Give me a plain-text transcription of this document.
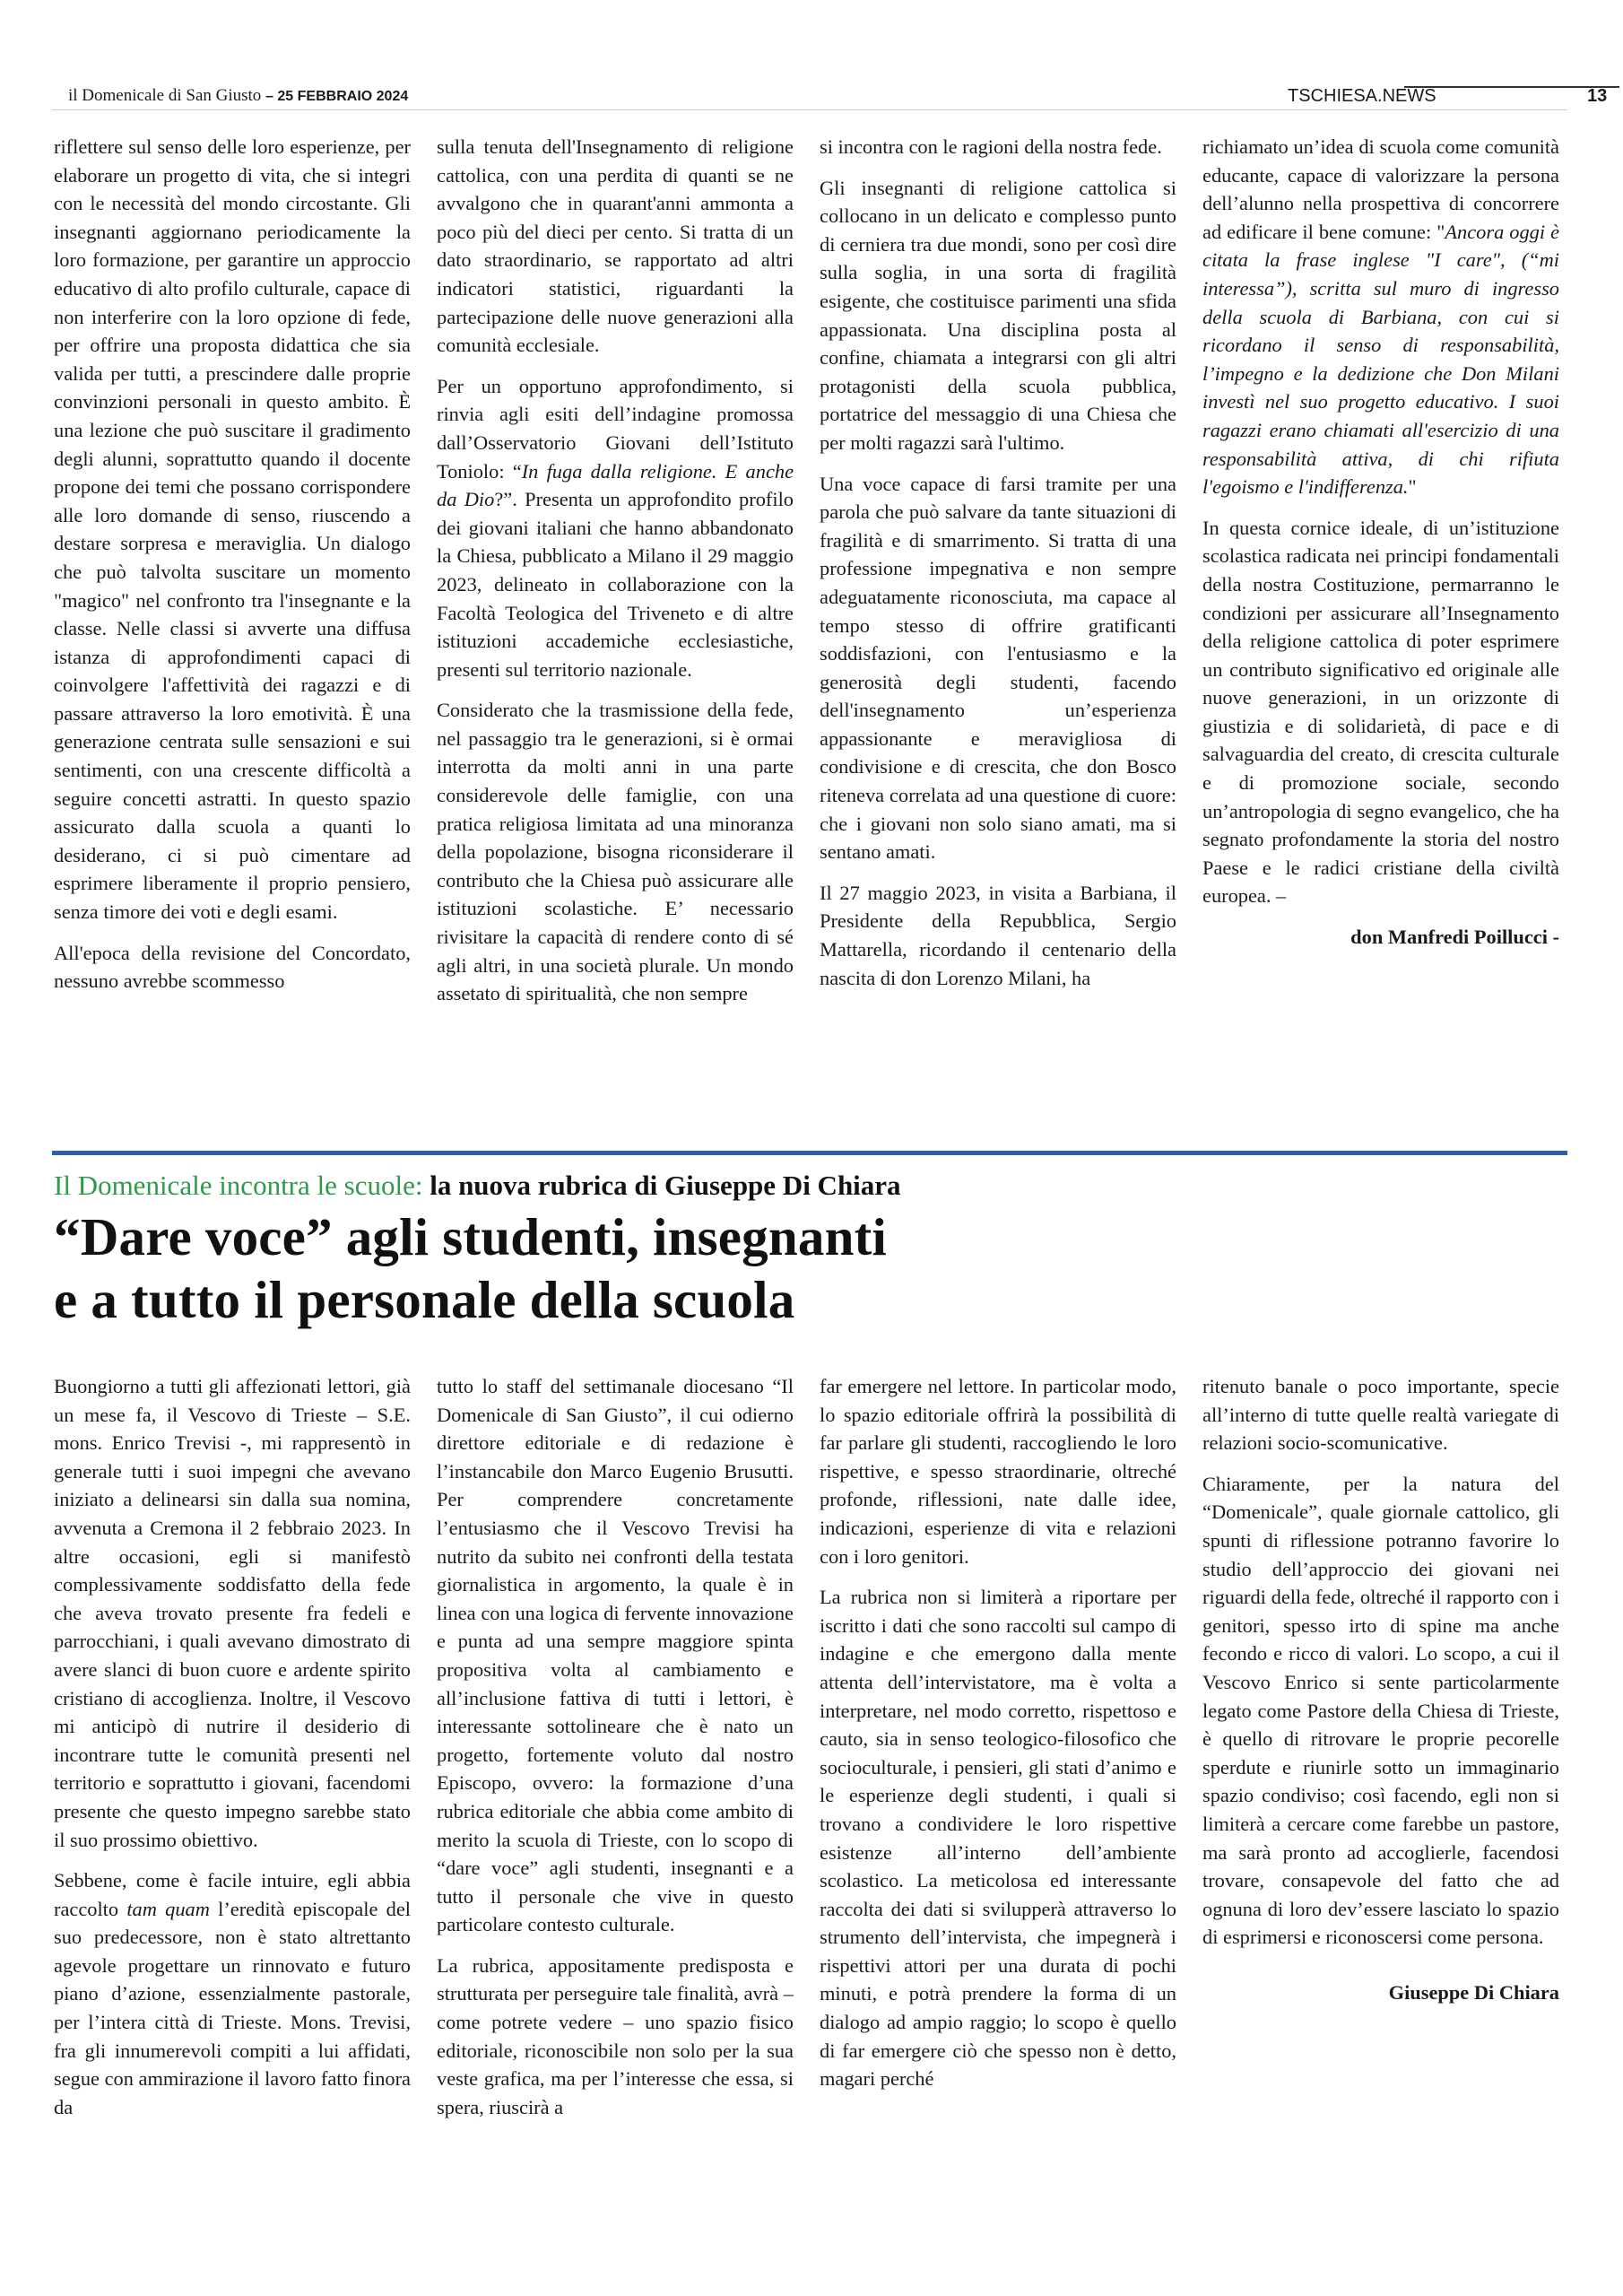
il Domenicale di San Giusto – 25 FEBBRAIO 2024	TSCHIESA.NEWS	13

riflettere sul senso delle loro esperienze, per elaborare un progetto di vita, che si integri con le necessità del mondo circostante. Gli insegnanti aggiornano periodicamente la loro formazione, per garantire un approccio educativo di alto profilo culturale, capace di non interferire con la loro opzione di fede, per offrire una proposta didattica che sia valida per tutti, a prescindere dalle proprie convinzioni personali in questo ambito. È una lezione che può suscitare il gradimento degli alunni, soprattutto quando il docente propone dei temi che possano corrispondere alle loro domande di senso, riuscendo a destare sorpresa e meraviglia. Un dialogo che può talvolta suscitare un momento "magico" nel confronto tra l'insegnante e la classe. Nelle classi si avverte una diffusa istanza di approfondimenti capaci di coinvolgere l'affettività dei ragazzi e di passare attraverso la loro emotività. È una generazione centrata sulle sensazioni e sui sentimenti, con una crescente difficoltà a seguire concetti astratti. In questo spazio assicurato dalla scuola a quanti lo desiderano, ci si può cimentare ad esprimere liberamente il proprio pensiero, senza timore dei voti e degli esami.

All'epoca della revisione del Concordato, nessuno avrebbe scommesso

sulla tenuta dell'Insegnamento di religione cattolica, con una perdita di quanti se ne avvalgono che in quarant'anni ammonta a poco più del dieci per cento. Si tratta di un dato straordinario, se rapportato ad altri indicatori statistici, riguardanti la partecipazione delle nuove generazioni alla comunità ecclesiale.

Per un opportuno approfondimento, si rinvia agli esiti dell’indagine promossa dall’Osservatorio Giovani dell’Istituto Toniolo: “In fuga dalla religione. E anche da Dio?”. Presenta un approfondito profilo dei giovani italiani che hanno abbandonato la Chiesa, pubblicato a Milano il 29 maggio 2023, delineato in collaborazione con la Facoltà Teologica del Triveneto e di altre istituzioni accademiche ecclesiastiche, presenti sul territorio nazionale.

Considerato che la trasmissione della fede, nel passaggio tra le generazioni, si è ormai interrotta da molti anni in una parte considerevole delle famiglie, con una pratica religiosa limitata ad una minoranza della popolazione, bisogna riconsiderare il contributo che la Chiesa può assicurare alle istituzioni scolastiche. E’ necessario rivisitare la capacità di rendere conto di sé agli altri, in una società plurale. Un mondo assetato di spiritualità, che non sempre

si incontra con le ragioni della nostra fede.

Gli insegnanti di religione cattolica si collocano in un delicato e complesso punto di cerniera tra due mondi, sono per così dire sulla soglia, in una sorta di fragilità esigente, che costituisce parimenti una sfida appassionata. Una disciplina posta al confine, chiamata a integrarsi con gli altri protagonisti della scuola pubblica, portatrice del messaggio di una Chiesa che per molti ragazzi sarà l'ultimo.

Una voce capace di farsi tramite per una parola che può salvare da tante situazioni di fragilità e di smarrimento. Si tratta di una professione impegnativa e non sempre adeguatamente riconosciuta, ma capace al tempo stesso di offrire gratificanti soddisfazioni, con l'entusiasmo e la generosità degli studenti, facendo dell'insegnamento un’esperienza appassionante e meravigliosa di condivisione e di crescita, che don Bosco riteneva correlata ad una questione di cuore: che i giovani non solo siano amati, ma si sentano amati.

Il 27 maggio 2023, in visita a Barbiana, il Presidente della Repubblica, Sergio Mattarella, ricordando il centenario della nascita di don Lorenzo Milani, ha

richiamato un’idea di scuola come comunità educante, capace di valorizzare la persona dell’alunno nella prospettiva di concorrere ad edificare il bene comune: "Ancora oggi è citata la frase inglese "I care", (“mi interessa”), scritta sul muro di ingresso della scuola di Barbiana, con cui si ricordano il senso di responsabilità, l’impegno e la dedizione che Don Milani investì nel suo progetto educativo. I suoi ragazzi erano chiamati all'esercizio di una responsabilità attiva, di chi rifiuta l'egoismo e l'indifferenza."

In questa cornice ideale, di un’istituzione scolastica radicata nei principi fondamentali della nostra Costituzione, permarranno le condizioni per assicurare all’Insegnamento della religione cattolica di poter esprimere un contributo significativo ed originale alle nuove generazioni, in un orizzonte di giustizia e di solidarietà, di pace e di salvaguardia del creato, di crescita culturale e di promozione sociale, secondo un’antropologia di segno evangelico, che ha segnato profondamente la storia del nostro Paese e le radici cristiane della civiltà europea. –

don Manfredi Poillucci -
Il Domenicale incontra le scuole: la nuova rubrica di Giuseppe Di Chiara
“Dare voce” agli studenti, insegnanti
e a tutto il personale della scuola

Buongiorno a tutti gli affezionati lettori, già un mese fa, il Vescovo di Trieste – S.E. mons. Enrico Trevisi -, mi rappresentò in generale tutti i suoi impegni che avevano iniziato a delinearsi sin dalla sua nomina, avvenuta a Cremona il 2 febbraio 2023. In altre occasioni, egli si manifestò complessivamente soddisfatto della fede che aveva trovato presente fra fedeli e parrocchiani, i quali avevano dimostrato di avere slanci di buon cuore e ardente spirito cristiano di accoglienza. Inoltre, il Vescovo mi anticipò di nutrire il desiderio di incontrare tutte le comunità presenti nel territorio e soprattutto i giovani, facendomi presente che questo impegno sarebbe stato il suo prossimo obiettivo.

Sebbene, come è facile intuire, egli abbia raccolto tam quam l’eredità episcopale del suo predecessore, non è stato altrettanto agevole progettare un rinnovato e futuro piano d’azione, essenzialmente pastorale, per l’intera città di Trieste. Mons. Trevisi, fra gli innumerevoli compiti a lui affidati, segue con ammirazione il lavoro fatto finora da

tutto lo staff del settimanale diocesano “Il Domenicale di San Giusto”, il cui odierno direttore editoriale e di redazione è l’instancabile don Marco Eugenio Brusutti. Per comprendere concretamente l’entusiasmo che il Vescovo Trevisi ha nutrito da subito nei confronti della testata giornalistica in argomento, la quale è in linea con una logica di fervente innovazione e punta ad una sempre maggiore spinta propositiva volta al cambiamento e all’inclusione fattiva di tutti i lettori, è interessante sottolineare che è nato un progetto, fortemente voluto dal nostro Episcopo, ovvero: la formazione d’una rubrica editoriale che abbia come ambito di merito la scuola di Trieste, con lo scopo di “dare voce” agli studenti, insegnanti e a tutto il personale che vive in questo particolare contesto culturale.

La rubrica, appositamente predisposta e strutturata per perseguire tale finalità, avrà – come potrete vedere – uno spazio fisico editoriale, riconoscibile non solo per la sua veste grafica, ma per l’interesse che essa, si spera, riuscirà a

far emergere nel lettore. In particolar modo, lo spazio editoriale offrirà la possibilità di far parlare gli studenti, raccogliendo le loro rispettive, e spesso straordinarie, oltreché profonde, riflessioni, nate dalle idee, indicazioni, esperienze di vita e relazioni con i loro genitori.

La rubrica non si limiterà a riportare per iscritto i dati che sono raccolti sul campo di indagine e che emergono dalla mente attenta dell’intervistatore, ma è volta a interpretare, nel modo corretto, rispettoso e cauto, sia in senso teologico-filosofico che socioculturale, i pensieri, gli stati d’animo e le esperienze degli studenti, i quali si trovano a condividere le loro rispettive esistenze all’interno dell’ambiente scolastico. La meticolosa ed interessante raccolta dei dati si svilupperà attraverso lo strumento dell’intervista, che impegnerà i rispettivi attori per una durata di pochi minuti, e potrà prendere la forma di un dialogo ad ampio raggio; lo scopo è quello di far emergere ciò che spesso non è detto, magari perché

ritenuto banale o poco importante, specie all’interno di tutte quelle realtà variegate di relazioni socio-scomunicative.

Chiaramente, per la natura del “Domenicale”, quale giornale cattolico, gli spunti di riflessione potranno favorire lo studio dell’approccio dei giovani nei riguardi della fede, oltreché il rapporto con i genitori, spesso irto di spine ma anche fecondo e ricco di valori. Lo scopo, a cui il Vescovo Enrico si sente particolarmente legato come Pastore della Chiesa di Trieste, è quello di ritrovare le proprie pecorelle sperdute e riunirle sotto un immaginario spazio condiviso; così facendo, egli non si limiterà a cercare come farebbe un pastore, ma sarà pronto ad accoglierle, facendosi trovare, consapevole del fatto che ad ognuna di loro dev’essere lasciato lo spazio di esprimersi e riconoscersi come persona.

Giuseppe Di Chiara
